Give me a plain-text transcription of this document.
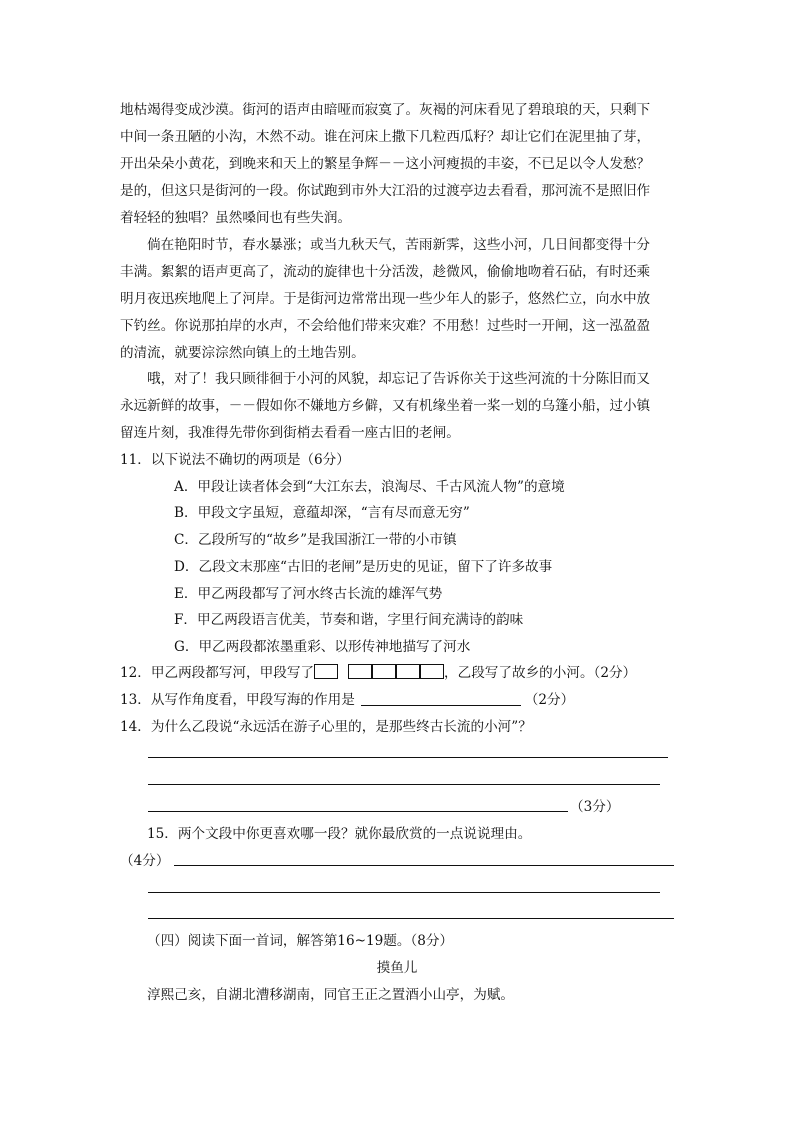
地枯竭得变成沙漠。街河的语声由暗哑而寂寞了。灰褐的河床看见了碧琅琅的天，只剩下
中间一条丑陋的小沟，木然不动。谁在河床上撒下几粒西瓜籽？却让它们在泥里抽了芽，
开出朵朵小黄花，到晚来和天上的繁星争辉－－这小河瘦损的丰姿，不已足以令人发愁？
是的，但这只是街河的一段。你试跑到市外大江沿的过渡亭边去看看，那河流不是照旧作
着轻轻的独唱？虽然嗓间也有些失润。
倘在艳阳时节，春水暴涨；或当九秋天气，苦雨新霁，这些小河，几日间都变得十分
丰满。絮絮的语声更高了，流动的旋律也十分活泼，趁微风，偷偷地吻着石砧，有时还乘
明月夜迅疾地爬上了河岸。于是街河边常常出现一些少年人的影子，悠然伫立，向水中放
下钓丝。你说那拍岸的水声，不会给他们带来灾难？不用愁！过些时一开闸，这一泓盈盈
的清流，就要淙淙然向镇上的土地告别。
哦，对了！我只顾徘徊于小河的风貌，却忘记了告诉你关于这些河流的十分陈旧而又
永远新鲜的故事，－－假如你不嫌地方乡僻，又有机缘坐着一桨一划的乌篷小船，过小镇
留连片刻，我准得先带你到街梢去看看一座古旧的老闸。
11．以下说法不确切的两项是（6分）
A．甲段让读者体会到“大江东去，浪淘尽、千古风流人物”的意境
B．甲段文字虽短，意蕴却深，“言有尽而意无穷”
C．乙段所写的“故乡”是我国浙江一带的小市镇
D．乙段文末那座“古旧的老闸”是历史的见证，留下了许多故事
E．甲乙两段都写了河水终古长流的雄浑气势
F．甲乙两段语言优美，节奏和谐，字里行间充满诗的韵味
G．甲乙两段都浓墨重彩、以形传神地描写了河水
12．甲乙两段都写河，甲段写了	，乙段写了故乡的小河。（2分）
13．从写作角度看，甲段写海的作用是	（2分）
14．为什么乙段说“永远活在游子心里的，是那些终古长流的小河”？
（3分）
15．两个文段中你更喜欢哪一段？就你最欣赏的一点说说理由。
（4分）
（四）阅读下面一首词，解答第16~19题。（8分）
摸鱼儿
淳熙己亥，自湖北漕移湖南，同官王正之置酒小山亭，为赋。
